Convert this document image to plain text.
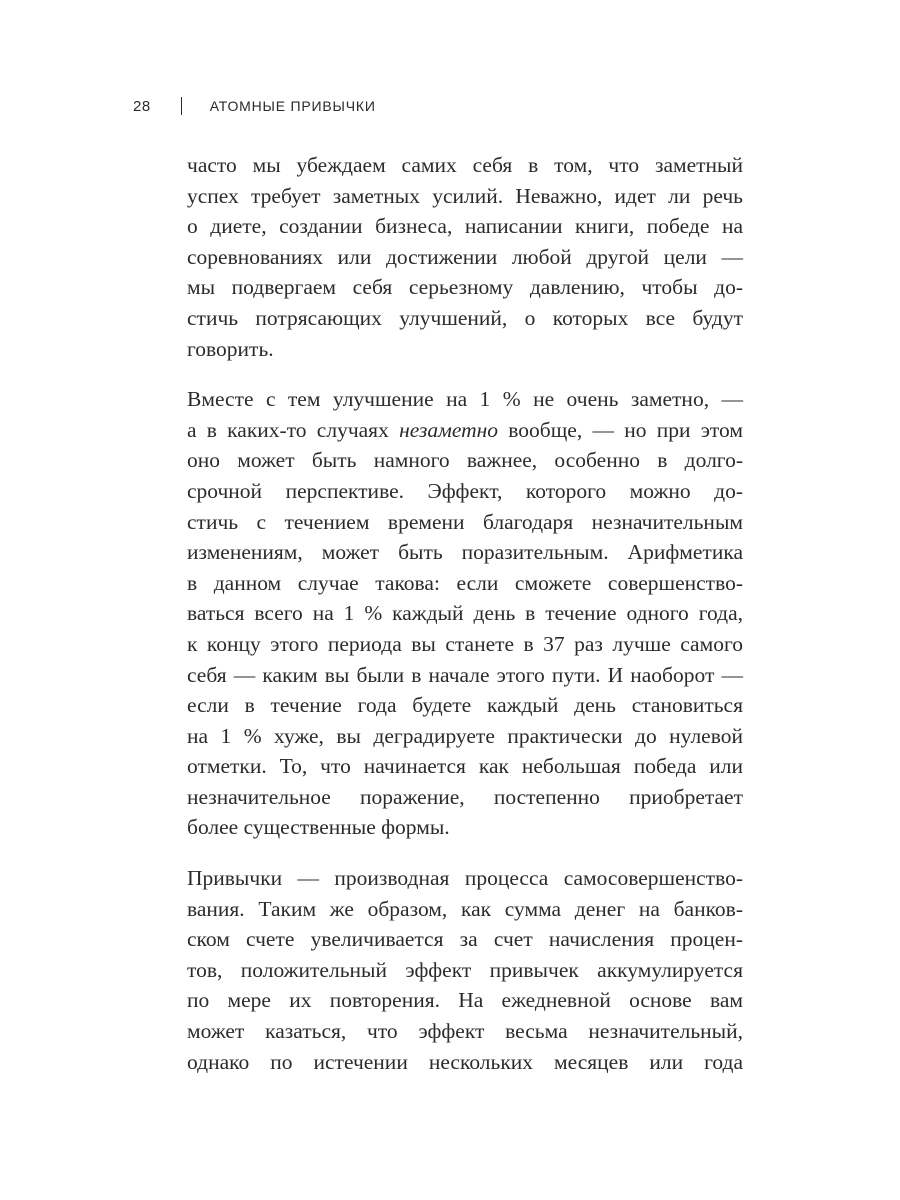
28	АТОМНЫЕ ПРИВЫЧКИ

часто мы убеждаем самих себя в том, что заметный
успех требует заметных усилий. Неважно, идет ли речь
о диете, создании бизнеса, написании книги, победе на
соревнованиях или достижении любой другой цели —
мы подвергаем себя серьезному давлению, чтобы до-
стичь потрясающих улучшений, о которых все будут
говорить.

Вместе с тем улучшение на 1 % не очень заметно, —
а в каких-то случаях незаметно вообще, — но при этом
оно может быть намного важнее, особенно в долго-
срочной перспективе. Эффект, которого можно до-
стичь с течением времени благодаря незначительным
изменениям, может быть поразительным. Арифметика
в данном случае такова: если сможете совершенство-
ваться всего на 1 % каждый день в течение одного года,
к концу этого периода вы станете в 37 раз лучше самого
себя — каким вы были в начале этого пути. И наоборот —
если в течение года будете каждый день становиться
на 1 % хуже, вы деградируете практически до нулевой
отметки. То, что начинается как небольшая победа или
незначительное поражение, постепенно приобретает
более существенные формы.

Привычки — производная процесса самосовершенство-
вания. Таким же образом, как сумма денег на банков-
ском счете увеличивается за счет начисления процен-
тов, положительный эффект привычек аккумулируется
по мере их повторения. На ежедневной основе вам
может казаться, что эффект весьма незначительный,
однако по истечении нескольких месяцев или года
